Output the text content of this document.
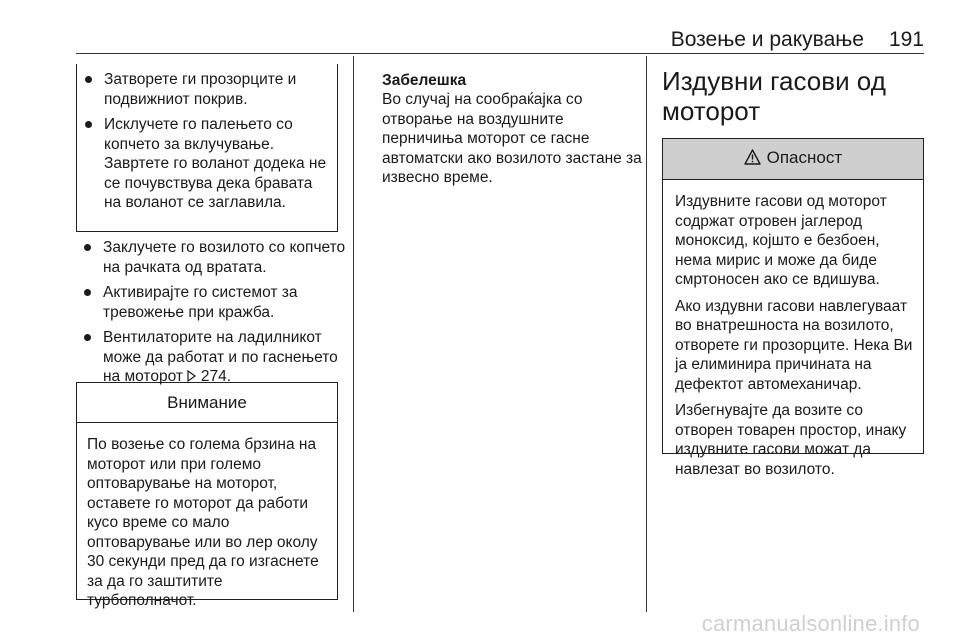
Возење и ракување 191
Затворете ги прозорците и подвижниот покрив.
Исклучете го палењето со копчето за вклучување. Завртете го воланот додека не се почувствува дека бравата на воланот се заглавила.
Заклучете го возилото со копчето на рачката од вратата.
Активирајте го системот за тревожење при кражба.
Вентилаторите на ладилникот може да работат и по гаснењето на моторот 274.
Внимание
По возење со голема брзина на моторот или при големо оптоварување на моторот, оставете го моторот да работи кусо време со мало оптоварување или во лер околу 30 секунди пред да го изгаснете за да го заштитите турбополначот.
Забелешка
Во случај на сообраќајка со отворање на воздушните перничиња моторот се гасне автоматски ако возилото застане за извесно време.
Издувни гасови од моторот
Опасност

Издувните гасови од моторот содржат отровен јаглерод моноксид, којшто е безбоен, нема мирис и може да биде смртоносен ако се вдишува.

Ако издувни гасови навлегуваат во внатрешноста на возилото, отворете ги прозорците. Нека Ви ја елиминира причината на дефектот автомеханичар.

Избегнувајте да возите со отворен товарен простор, инаку издувните гасови можат да навлезат во возилото.

carmanualsonline.info
